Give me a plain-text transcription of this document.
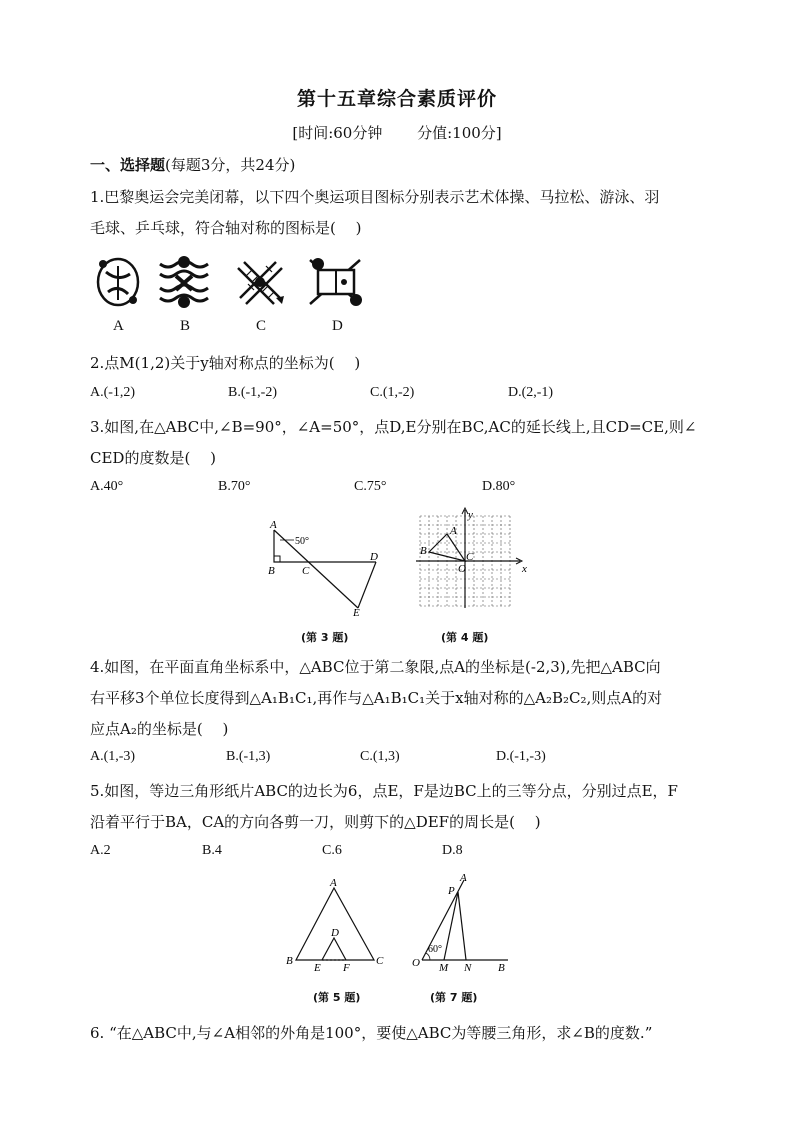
第十五章综合素质评价
[时间:60分钟　　 分值:100分]
一、选择题(每题3分，共24分)
1.巴黎奥运会完美闭幕，以下四个奥运项目图标分别表示艺术体操、马拉松、游泳、羽
毛球、乒乓球，符合轴对称的图标是(　 )
A	B	C	D
2.点M(1,2)关于y轴对称点的坐标为(　 )
A.(-1,2)	B.(-1,-2)	C.(1,-2)	D.(2,-1)
3.如图,在△ABC中,∠B=90°，∠A=50°，点D,E分别在BC,AC的延长线上,且CD=CE,则∠
CED的度数是(　 )
A.40°	B.70°	C.75°	D.80°
A
50°
B C
D
E
(第 3 题)
y
x
A
B	C
O
(第 4 题)
4.如图，在平面直角坐标系中，△ABC位于第二象限,点A的坐标是(-2,3),先把△ABC向
右平移3个单位长度得到△A₁B₁C₁,再作与△A₁B₁C₁关于x轴对称的△A₂B₂C₂,则点A的对
应点A₂的坐标是(　 )
A.(1,-3)	B.(-1,3)	C.(1,3)	D.(-1,-3)
5.如图，等边三角形纸片ABC的边长为6，点E，F是边BC上的三等分点，分别过点E，F
沿着平行于BA，CA的方向各剪一刀，则剪下的△DEF的周长是(　 )
A.2	B.4	C.6	D.8
A
B	C
D
E F
(第 5 题)
A
P
60°
O M N B
(第 7 题)
6. “在△ABC中,与∠A相邻的外角是100°，要使△ABC为等腰三角形，求∠B的度数.”
